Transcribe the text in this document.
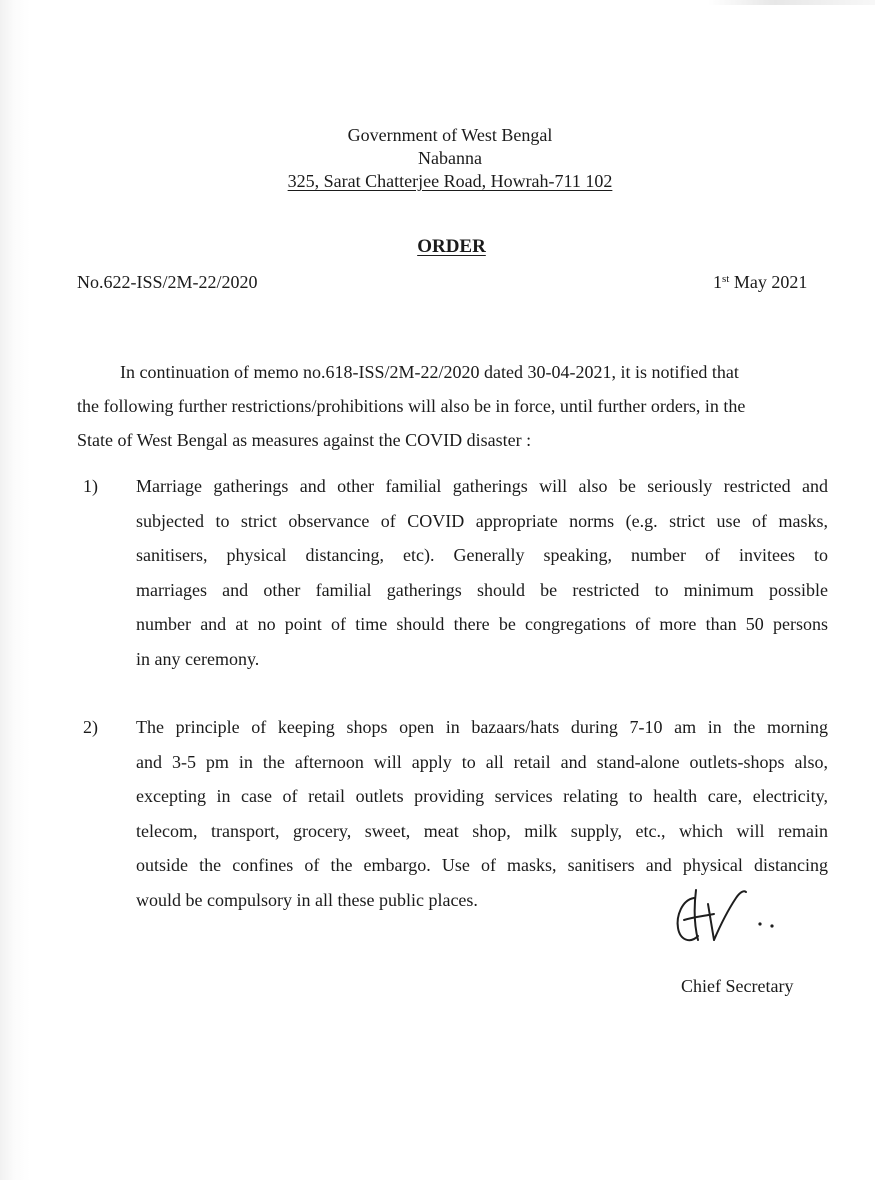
Government of West Bengal
Nabanna
325, Sarat Chatterjee Road, Howrah-711 102
ORDER
No.622-ISS/2M-22/2020	1st May 2021
In continuation of memo no.618-ISS/2M-22/2020 dated 30-04-2021, it is notified that
the following further restrictions/prohibitions will also be in force, until further orders, in the
State of West Bengal as measures against the COVID disaster :
1) Marriage gatherings and other familial gatherings will also be seriously restricted and
subjected to strict observance of COVID appropriate norms (e.g. strict use of masks,
sanitisers, physical distancing, etc). Generally speaking, number of invitees to
marriages and other familial gatherings should be restricted to minimum possible
number and at no point of time should there be congregations of more than 50 persons
in any ceremony.
2) The principle of keeping shops open in bazaars/hats during 7-10 am in the morning
and 3-5 pm in the afternoon will apply to all retail and stand-alone outlets-shops also,
excepting in case of retail outlets providing services relating to health care, electricity,
telecom, transport, grocery, sweet, meat shop, milk supply, etc., which will remain
outside the confines of the embargo. Use of masks, sanitisers and physical distancing
would be compulsory in all these public places.
Chief Secretary
